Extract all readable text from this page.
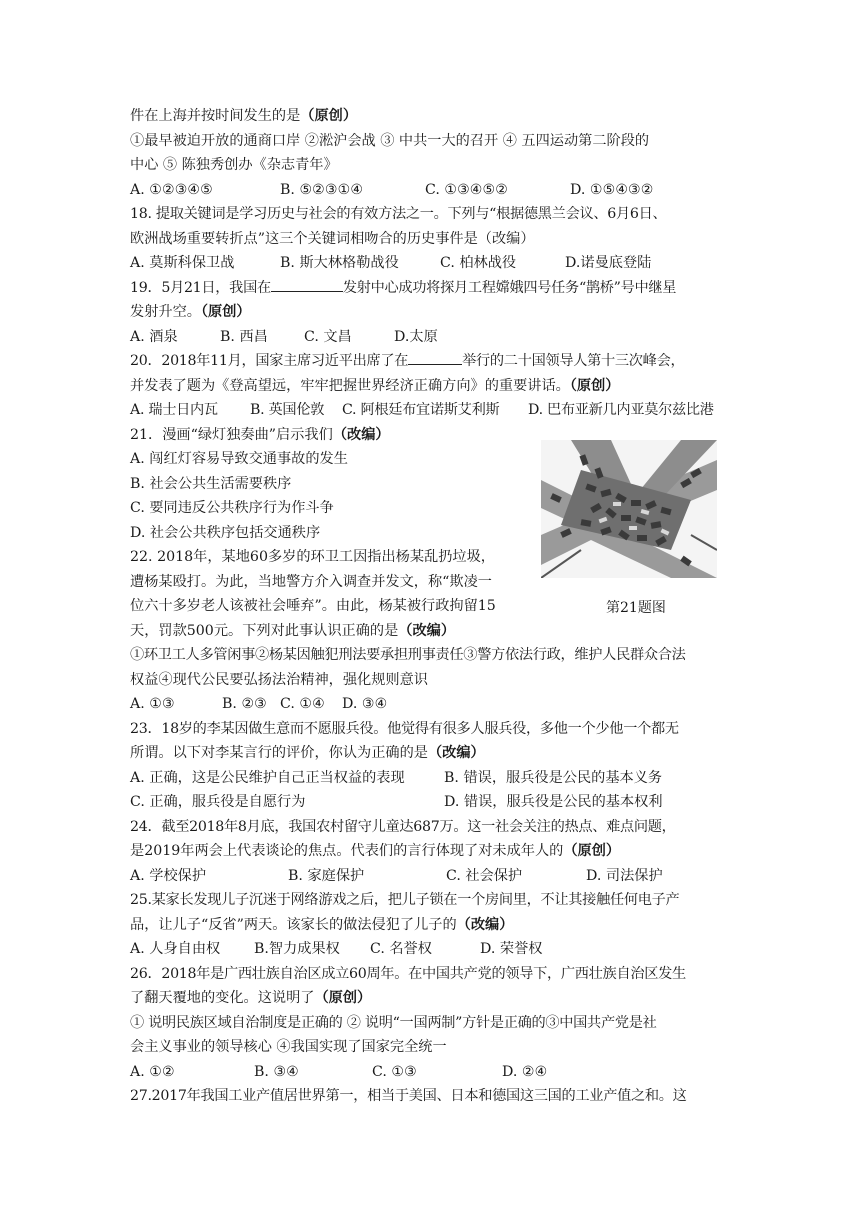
件在上海并按时间发生的是（原创）
①最早被迫开放的通商口岸 ②淞沪会战 ③ 中共一大的召开 ④ 五四运动第二阶段的
中心 ⑤ 陈独秀创办《杂志青年》
A. ①②③④⑤	B. ⑤②③①④	C. ①③④⑤②	D. ①⑤④③②
18. 提取关键词是学习历史与社会的有效方法之一。下列与“根据德黑兰会议、6月6日、
欧洲战场重要转折点”这三个关键词相吻合的历史事件是（改编）
A. 莫斯科保卫战	B. 斯大林格勒战役	C. 柏林战役	D.诺曼底登陆
19．5月21日，我国在	发射中心成功将探月工程嫦娥四号任务“鹊桥”号中继星
发射升空。（原创）
A. 酒泉	B. 西昌	C. 文昌	D.太原
20．2018年11月，国家主席习近平出席了在	举行的二十国领导人第十三次峰会，
并发表了题为《登高望远，牢牢把握世界经济正确方向》的重要讲话。（原创）
A. 瑞士日内瓦 B. 英国伦敦 C. 阿根廷布宜诺斯艾利斯 D. 巴布亚新几内亚莫尔兹比港
21．漫画“绿灯独奏曲”启示我们（改编）
A. 闯红灯容易导致交通事故的发生
B. 社会公共生活需要秩序
C. 要同违反公共秩序行为作斗争
D. 社会公共秩序包括交通秩序
22. 2018年，某地60多岁的环卫工因指出杨某乱扔垃圾，
遭杨某殴打。为此，当地警方介入调查并发文，称“欺凌一
位六十多岁老人该被社会唾弃”。由此，杨某被行政拘留15
天，罚款500元。下列对此事认识正确的是（改编）
①环卫工人多管闲事②杨某因触犯刑法要承担刑事责任③警方依法行政，维护人民群众合法
权益④现代公民要弘扬法治精神，强化规则意识
A. ①③	B. ②③ C. ①④ D. ③④
23．18岁的李某因做生意而不愿服兵役。他觉得有很多人服兵役，多他一个少他一个都无
所谓。以下对李某言行的评价，你认为正确的是（改编）
A. 正确，这是公民维护自己正当权益的表现	B. 错误，服兵役是公民的基本义务
C. 正确，服兵役是自愿行为	D. 错误，服兵役是公民的基本权利
24．截至2018年8月底，我国农村留守儿童达687万。这一社会关注的热点、难点问题，
是2019年两会上代表谈论的焦点。代表们的言行体现了对未成年人的（原创）
A. 学校保护	B. 家庭保护	C. 社会保护	D. 司法保护
25.某家长发现儿子沉迷于网络游戏之后，把儿子锁在一个房间里，不让其接触任何电子产
品，让儿子“反省”两天。该家长的做法侵犯了儿子的（改编）
A. 人身自由权 B.智力成果权 C. 名誉权	D. 荣誉权
26．2018年是广西壮族自治区成立60周年。在中国共产党的领导下，广西壮族自治区发生
了翻天覆地的变化。这说明了（原创）
① 说明民族区域自治制度是正确的 ② 说明“一国两制”方针是正确的③中国共产党是社
会主义事业的领导核心 ④我国实现了国家完全统一
A. ①②	B. ③④	C. ①③	D. ②④
27.2017年我国工业产值居世界第一，相当于美国、日本和德国这三国的工业产值之和。这
第21题图
